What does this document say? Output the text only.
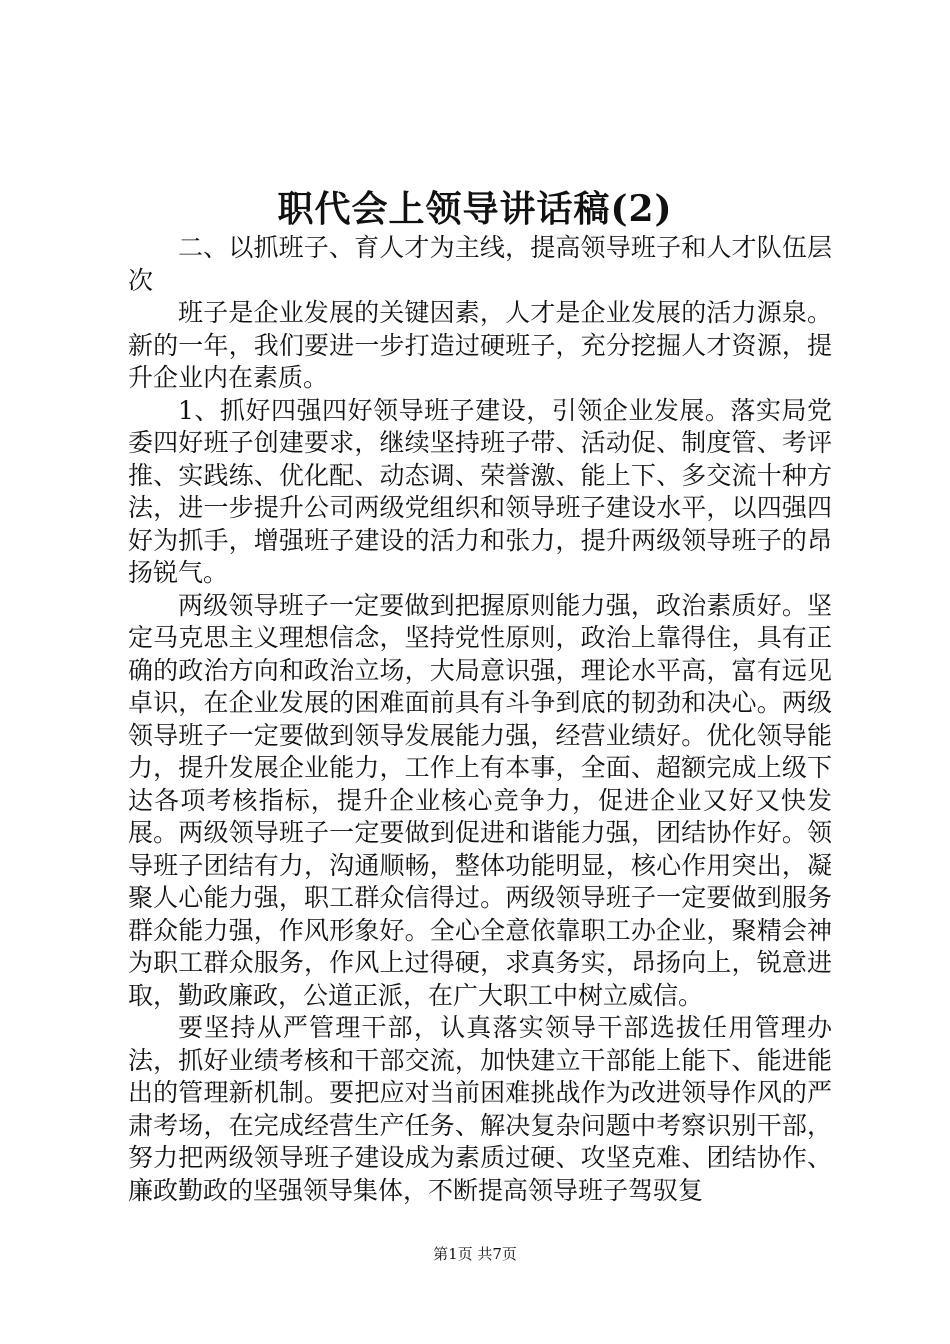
职代会上领导讲话稿(2)

二、以抓班子、育人才为主线，提高领导班子和人才队伍层次

班子是企业发展的关键因素，人才是企业发展的活力源泉。新的一年，我们要进一步打造过硬班子，充分挖掘人才资源，提升企业内在素质。

1、抓好四强四好领导班子建设，引领企业发展。落实局党委四好班子创建要求，继续坚持班子带、活动促、制度管、考评推、实践练、优化配、动态调、荣誉激、能上下、多交流十种方法，进一步提升公司两级党组织和领导班子建设水平，以四强四好为抓手，增强班子建设的活力和张力，提升两级领导班子的昂扬锐气。

两级领导班子一定要做到把握原则能力强，政治素质好。坚定马克思主义理想信念，坚持党性原则，政治上靠得住，具有正确的政治方向和政治立场，大局意识强，理论水平高，富有远见卓识，在企业发展的困难面前具有斗争到底的韧劲和决心。两级领导班子一定要做到领导发展能力强，经营业绩好。优化领导能力，提升发展企业能力，工作上有本事，全面、超额完成上级下达各项考核指标，提升企业核心竞争力，促进企业又好又快发展。两级领导班子一定要做到促进和谐能力强，团结协作好。领导班子团结有力，沟通顺畅，整体功能明显，核心作用突出，凝聚人心能力强，职工群众信得过。两级领导班子一定要做到服务群众能力强，作风形象好。全心全意依靠职工办企业，聚精会神为职工群众服务，作风上过得硬，求真务实，昂扬向上，锐意进取，勤政廉政，公道正派，在广大职工中树立威信。

要坚持从严管理干部，认真落实领导干部选拔任用管理办法，抓好业绩考核和干部交流，加快建立干部能上能下、能进能出的管理新机制。要把应对当前困难挑战作为改进领导作风的严肃考场，在完成经营生产任务、解决复杂问题中考察识别干部，努力把两级领导班子建设成为素质过硬、攻坚克难、团结协作、廉政勤政的坚强领导集体，不断提高领导班子驾驭复

第1页 共7页
